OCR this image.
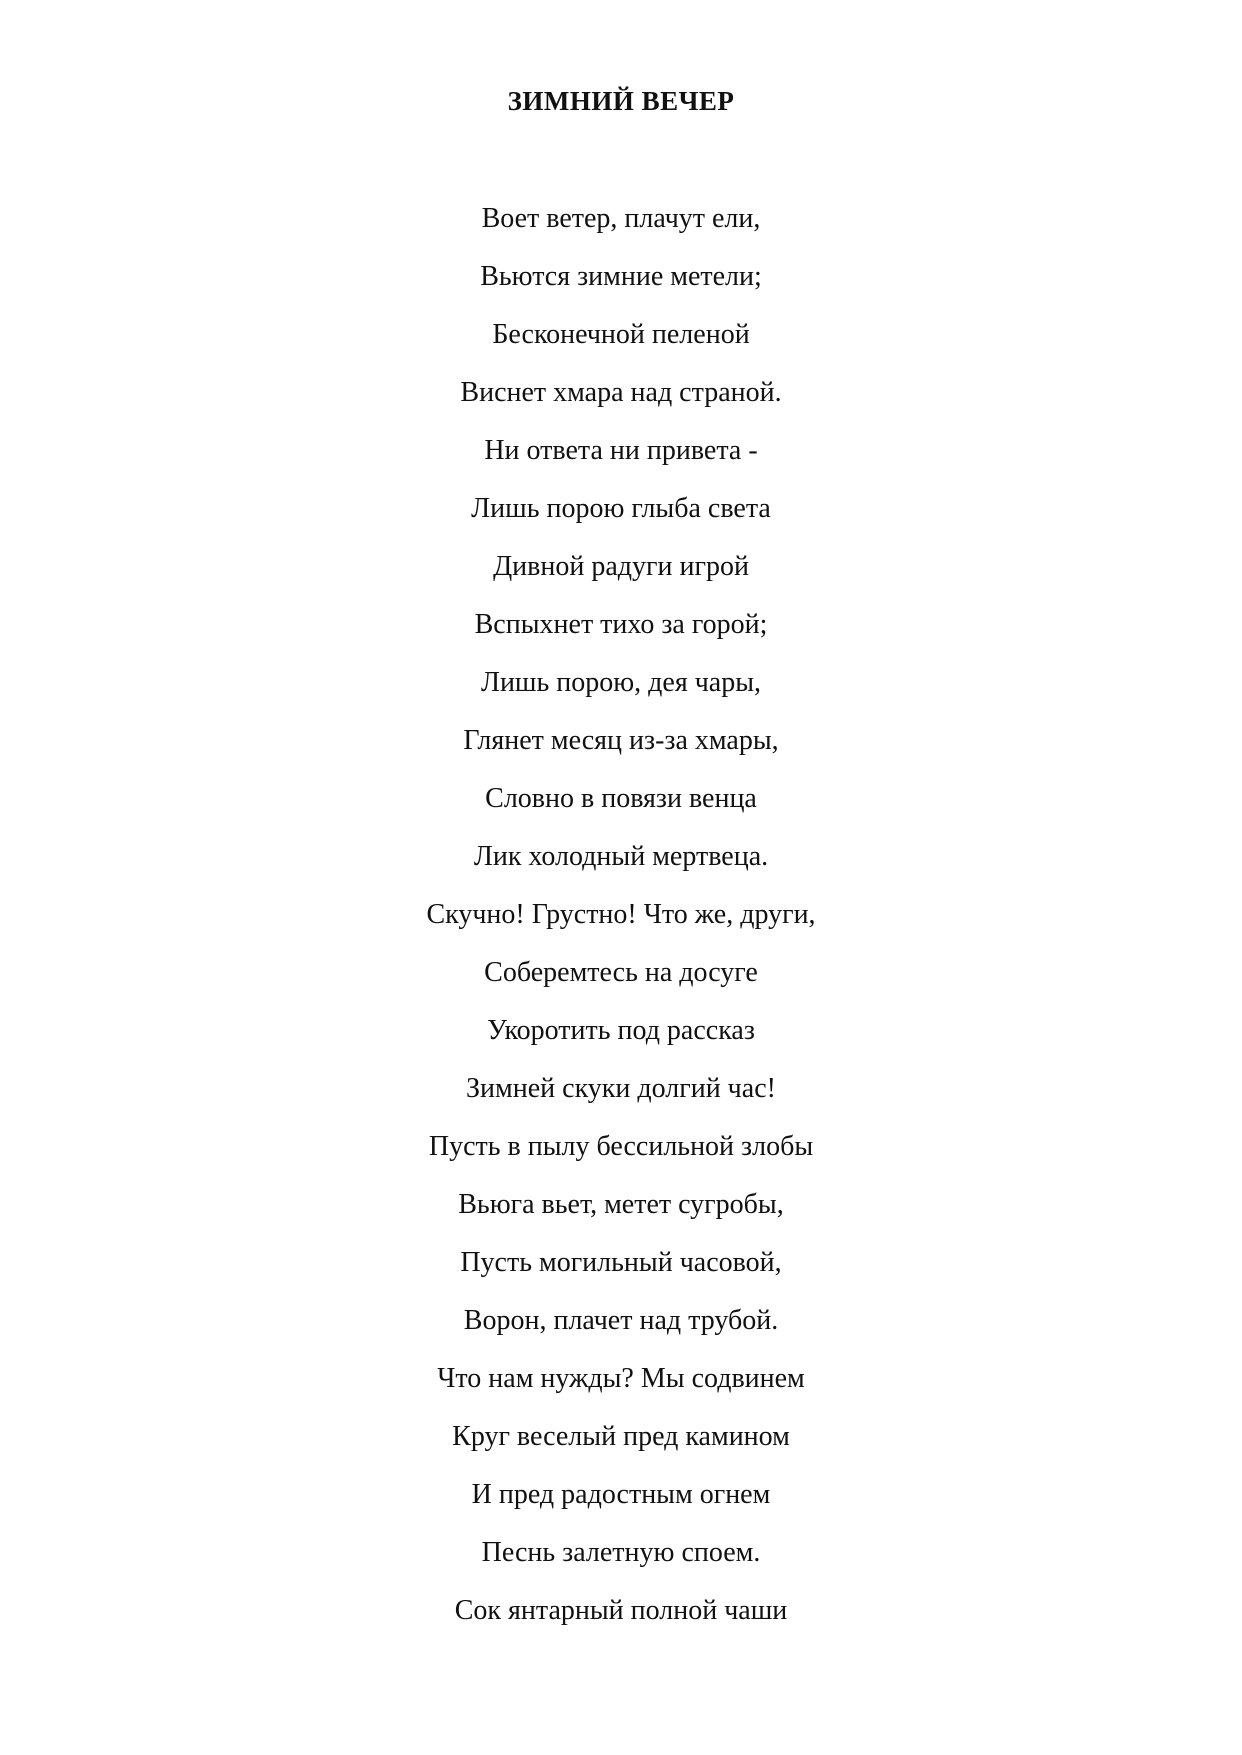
ЗИМНИЙ ВЕЧЕР
Воет ветер, плачут ели,
Вьются зимние метели;
Бесконечной пеленой
Виснет хмара над страной.
Ни ответа ни привета -
Лишь порою глыба света
Дивной радуги игрой
Вспыхнет тихо за горой;
Лишь порою, дея чары,
Глянет месяц из-за хмары,
Словно в повязи венца
Лик холодный мертвеца.
Скучно! Грустно! Что же, други,
Соберемтесь на досуге
Укоротить под рассказ
Зимней скуки долгий час!
Пусть в пылу бессильной злобы
Вьюга вьет, метет сугробы,
Пусть могильный часовой,
Ворон, плачет над трубой.
Что нам нужды? Мы содвинем
Круг веселый пред камином
И пред радостным огнем
Песнь залетную споем.
Сок янтарный полной чаши
